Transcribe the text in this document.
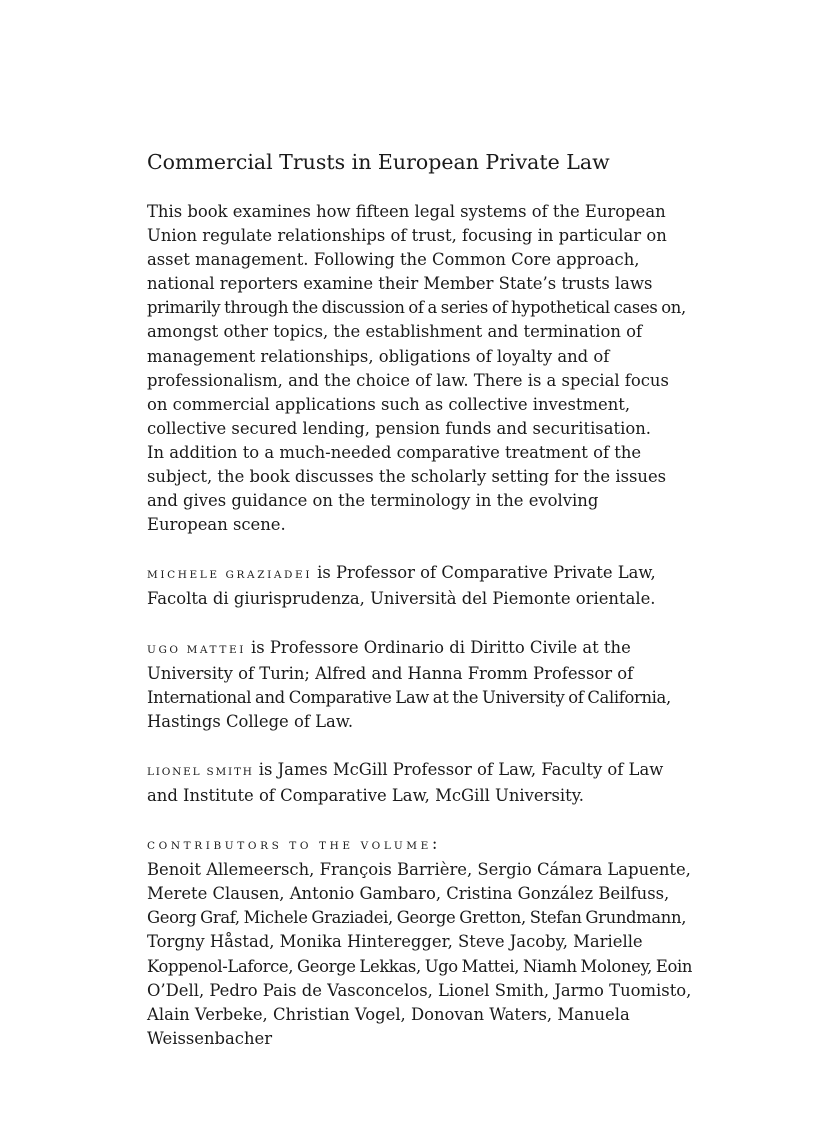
Commercial Trusts in European Private Law
This book examines how fifteen legal systems of the European
Union regulate relationships of trust, focusing in particular on
asset management. Following the Common Core approach,
national reporters examine their Member State’s trusts laws
primarily through the discussion of a series of hypothetical cases on,
amongst other topics, the establishment and termination of
management relationships, obligations of loyalty and of
professionalism, and the choice of law. There is a special focus
on commercial applications such as collective investment,
collective secured lending, pension funds and securitisation.
In addition to a much-needed comparative treatment of the
subject, the book discusses the scholarly setting for the issues
and gives guidance on the terminology in the evolving
European scene.
MICHELE GRAZIADEI is Professor of Comparative Private Law,
Facolta di giurisprudenza, Università del Piemonte orientale.
UGO MATTEI is Professore Ordinario di Diritto Civile at the
University of Turin; Alfred and Hanna Fromm Professor of
International and Comparative Law at the University of California,
Hastings College of Law.
LIONEL SMITH is James McGill Professor of Law, Faculty of Law
and Institute of Comparative Law, McGill University.
CONTRIBUTORS TO THE VOLUME:
Benoit Allemeersch, François Barrière, Sergio Cámara Lapuente,
Merete Clausen, Antonio Gambaro, Cristina González Beilfuss,
Georg Graf, Michele Graziadei, George Gretton, Stefan Grundmann,
Torgny Håstad, Monika Hinteregger, Steve Jacoby, Marielle
Koppenol-Laforce, George Lekkas, Ugo Mattei, Niamh Moloney, Eoin
O’Dell, Pedro Pais de Vasconcelos, Lionel Smith, Jarmo Tuomisto,
Alain Verbeke, Christian Vogel, Donovan Waters, Manuela
Weissenbacher
